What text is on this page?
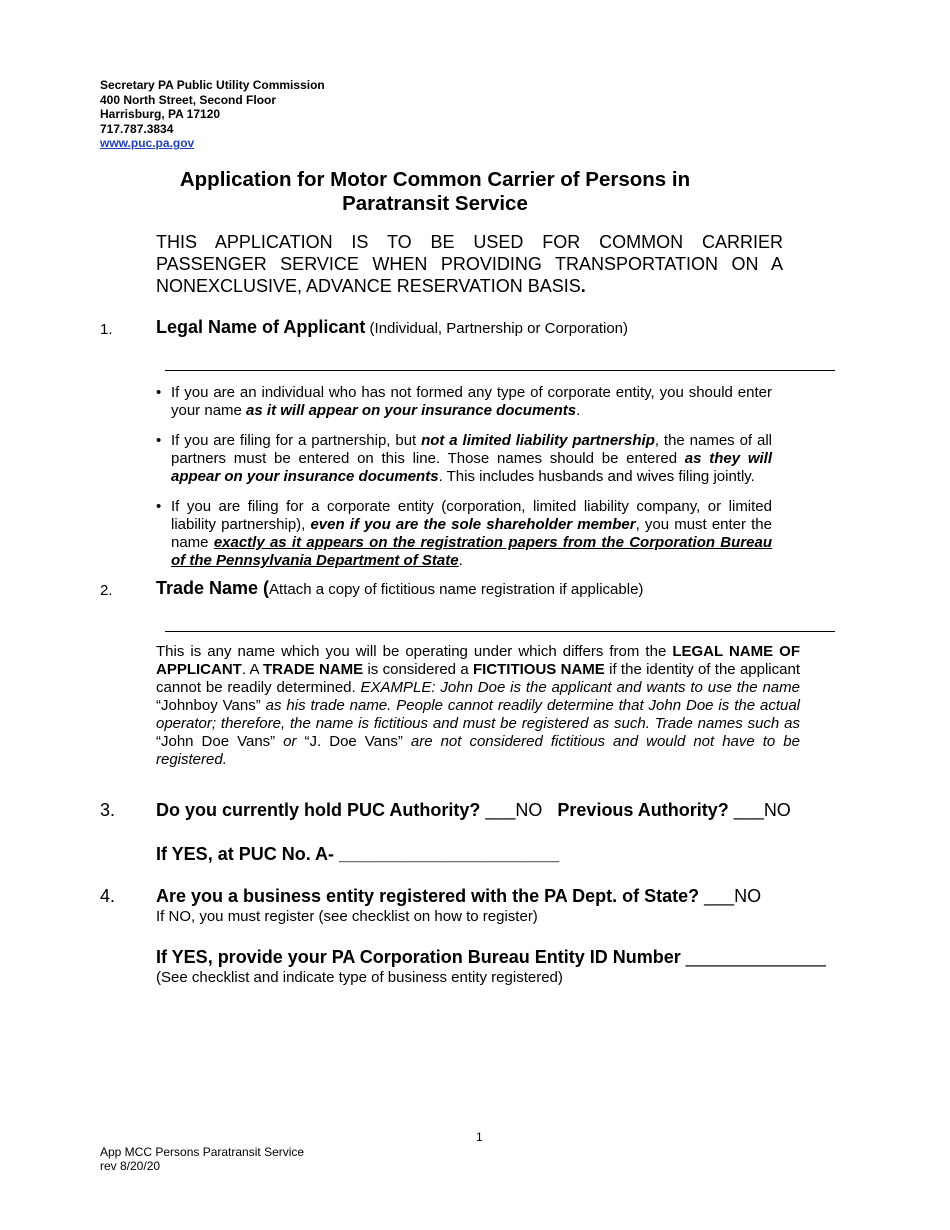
Secretary PA Public Utility Commission
400 North Street, Second Floor
Harrisburg, PA 17120
717.787.3834
www.puc.pa.gov
Application for Motor Common Carrier of Persons in
Paratransit Service
THIS APPLICATION IS TO BE USED FOR COMMON CARRIER PASSENGER SERVICE WHEN PROVIDING TRANSPORTATION ON A NONEXCLUSIVE, ADVANCE RESERVATION BASIS.
1. Legal Name of Applicant (Individual, Partnership or Corporation)
• If you are an individual who has not formed any type of corporate entity, you should enter your name as it will appear on your insurance documents.
• If you are filing for a partnership, but not a limited liability partnership, the names of all partners must be entered on this line. Those names should be entered as they will appear on your insurance documents. This includes husbands and wives filing jointly.
• If you are filing for a corporate entity (corporation, limited liability company, or limited liability partnership), even if you are the sole shareholder member, you must enter the name exactly as it appears on the registration papers from the Corporation Bureau of the Pennsylvania Department of State.
2. Trade Name (Attach a copy of fictitious name registration if applicable)
This is any name which you will be operating under which differs from the LEGAL NAME OF APPLICANT. A TRADE NAME is considered a FICTITIOUS NAME if the identity of the applicant cannot be readily determined. EXAMPLE: John Doe is the applicant and wants to use the name “Johnboy Vans” as his trade name. People cannot readily determine that John Doe is the actual operator; therefore, the name is fictitious and must be registered as such. Trade names such as “John Doe Vans” or “J. Doe Vans” are not considered fictitious and would not have to be registered.
3. Do you currently hold PUC Authority? ___NO Previous Authority? ___NO
If YES, at PUC No. A- ______________________
4. Are you a business entity registered with the PA Dept. of State? ___NO
If NO, you must register (see checklist on how to register)
If YES, provide your PA Corporation Bureau Entity ID Number ______________
(See checklist and indicate type of business entity registered)
1
App MCC Persons Paratransit Service
rev 8/20/20
